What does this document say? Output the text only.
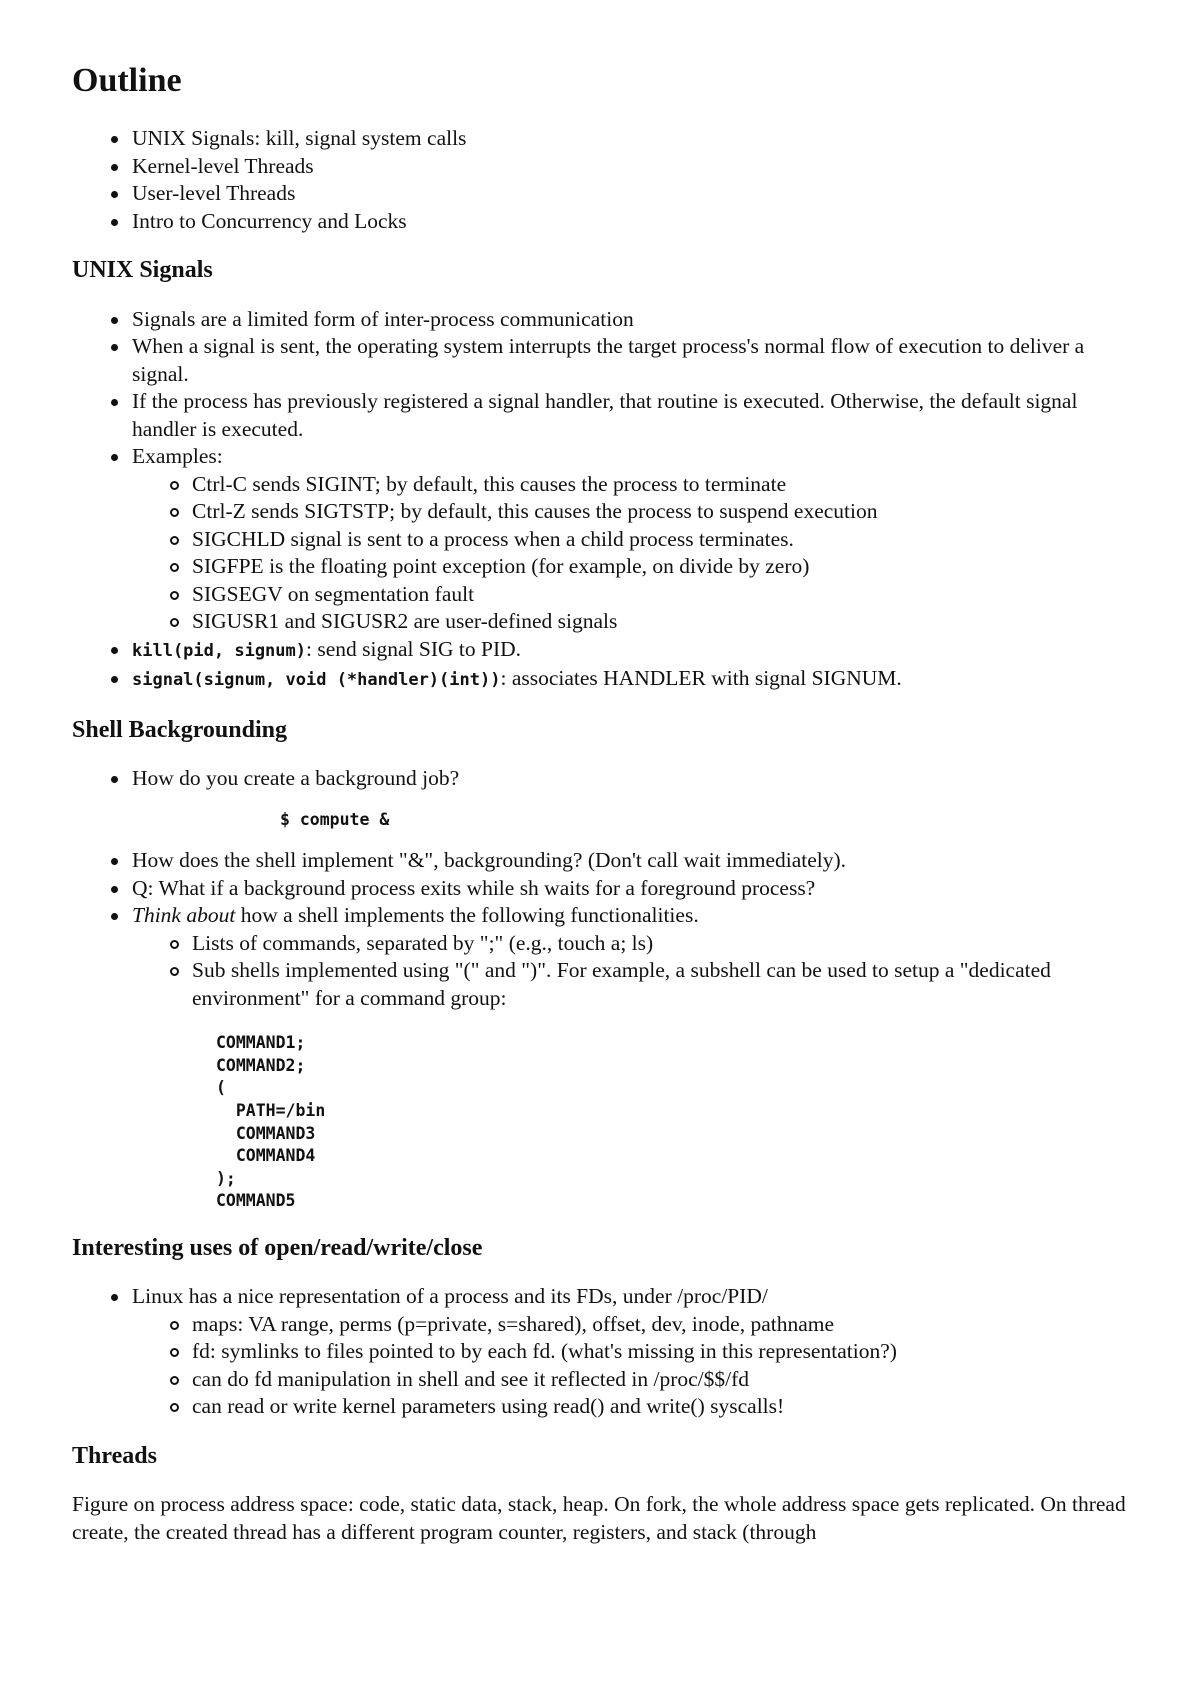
Outline
UNIX Signals: kill, signal system calls
Kernel-level Threads
User-level Threads
Intro to Concurrency and Locks
UNIX Signals
Signals are a limited form of inter-process communication
When a signal is sent, the operating system interrupts the target process's normal flow of execution to deliver a signal.
If the process has previously registered a signal handler, that routine is executed. Otherwise, the default signal handler is executed.
Examples:
Ctrl-C sends SIGINT; by default, this causes the process to terminate
Ctrl-Z sends SIGTSTP; by default, this causes the process to suspend execution
SIGCHLD signal is sent to a process when a child process terminates.
SIGFPE is the floating point exception (for example, on divide by zero)
SIGSEGV on segmentation fault
SIGUSR1 and SIGUSR2 are user-defined signals
kill(pid, signum): send signal SIG to PID.
signal(signum, void (*handler)(int)): associates HANDLER with signal SIGNUM.
Shell Backgrounding
How do you create a background job?
$ compute &
How does the shell implement "&", backgrounding? (Don't call wait immediately).
Q: What if a background process exits while sh waits for a foreground process?
Think about how a shell implements the following functionalities.
Lists of commands, separated by ";" (e.g., touch a; ls)
Sub shells implemented using "(" and ")". For example, a subshell can be used to setup a "dedicated environment" for a command group:
COMMAND1;
COMMAND2;
(
PATH=/bin
COMMAND3
COMMAND4
);
COMMAND5
Interesting uses of open/read/write/close
Linux has a nice representation of a process and its FDs, under /proc/PID/
maps: VA range, perms (p=private, s=shared), offset, dev, inode, pathname
fd: symlinks to files pointed to by each fd. (what's missing in this representation?)
can do fd manipulation in shell and see it reflected in /proc/$$/fd
can read or write kernel parameters using read() and write() syscalls!
Threads

Figure on process address space: code, static data, stack, heap. On fork, the whole address space gets replicated. On thread create, the created thread has a different program counter, registers, and stack (through
